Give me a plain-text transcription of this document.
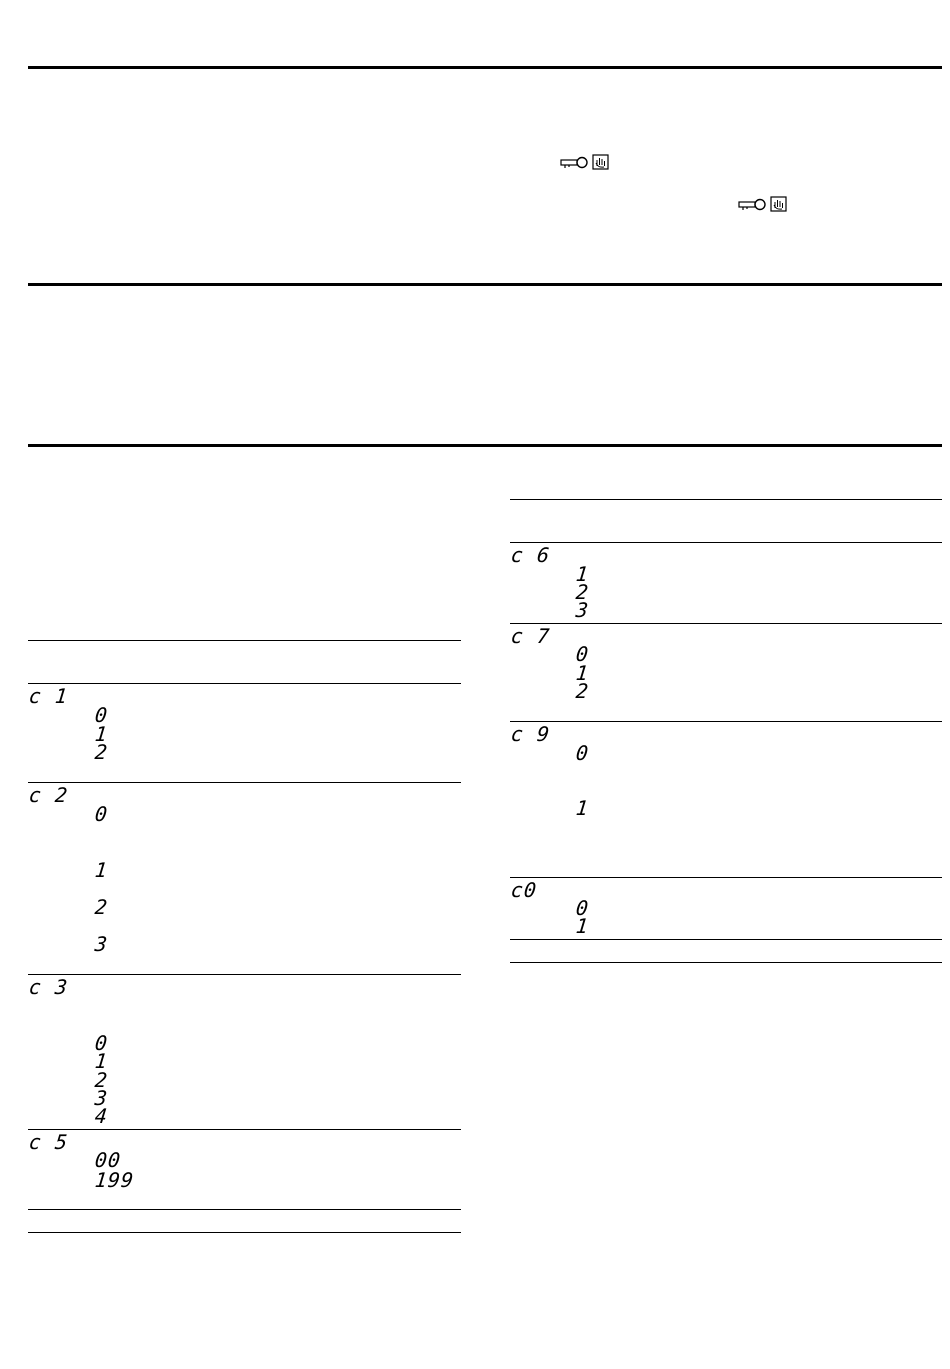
c 1
0
1
2
c 2
0
1
2
3
c 3
0
1
2
3
4
c 5
00
199
c 6
1
2
3
c 7
0
1
2
c 9
0
1
c0
0
1
